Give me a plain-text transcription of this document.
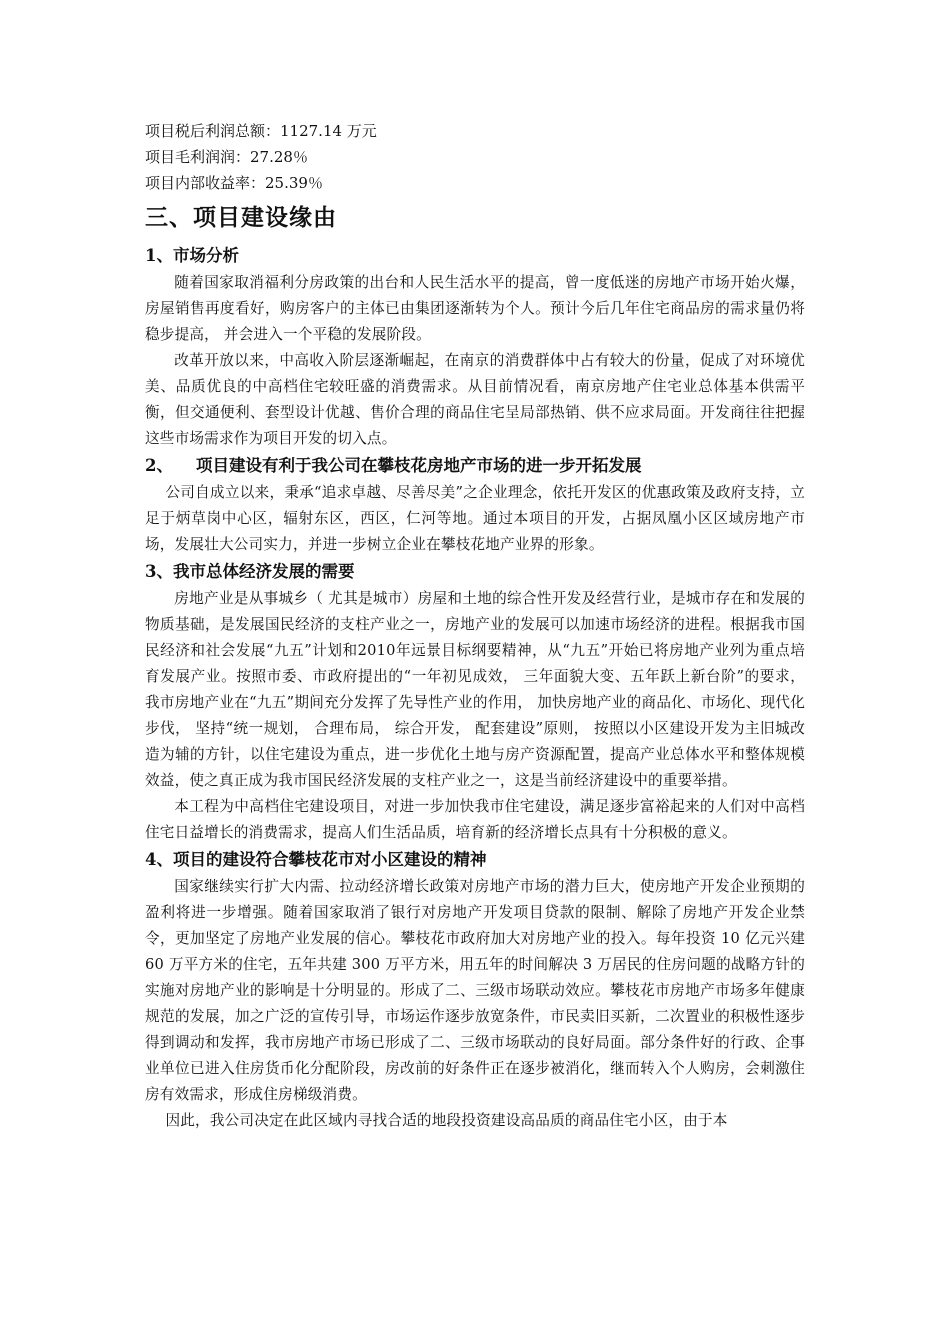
项目税后利润总额：1127.14 万元

项目毛利润润：27.28％

项目内部收益率：25.39％

三、项目建设缘由
1、市场分析

随着国家取消福利分房政策的出台和人民生活水平的提高，曾一度低迷的房地产市场开始火爆，房屋销售再度看好，购房客户的主体已由集团逐渐转为个人。预计今后几年住宅商品房的需求量仍将稳步提高， 并会进入一个平稳的发展阶段。

改革开放以来，中高收入阶层逐渐崛起，在南京的消费群体中占有较大的份量，促成了对环境优美、品质优良的中高档住宅较旺盛的消费需求。从目前情况看，南京房地产住宅业总体基本供需平衡，但交通便利、套型设计优越、售价合理的商品住宅呈局部热销、供不应求局面。开发商往往把握这些市场需求作为项目开发的切入点。

2、    项目建设有利于我公司在攀枝花房地产市场的进一步开拓发展

公司自成立以来，秉承“追求卓越、尽善尽美”之企业理念，依托开发区的优惠政策及政府支持，立足于炳草岗中心区，辐射东区，西区，仁河等地。通过本项目的开发，占据凤凰小区区域房地产市场，发展壮大公司实力，并进一步树立企业在攀枝花地产业界的形象。

3、我市总体经济发展的需要

房地产业是从事城乡（ 尤其是城市）房屋和土地的综合性开发及经营行业，是城市存在和发展的物质基础，是发展国民经济的支柱产业之一，房地产业的发展可以加速市场经济的进程。根据我市国民经济和社会发展“九五”计划和2010年远景目标纲要精神，从“九五”开始已将房地产业列为重点培育发展产业。按照市委、市政府提出的“一年初见成效， 三年面貌大变、五年跃上新台阶”的要求， 我市房地产业在“九五”期间充分发挥了先导性产业的作用， 加快房地产业的商品化、市场化、现代化步伐， 坚持“统一规划， 合理布局， 综合开发， 配套建设”原则， 按照以小区建设开发为主旧城改造为辅的方针，以住宅建设为重点，进一步优化土地与房产资源配置，提高产业总体水平和整体规模效益，使之真正成为我市国民经济发展的支柱产业之一，这是当前经济建设中的重要举措。

本工程为中高档住宅建设项目，对进一步加快我市住宅建设，满足逐步富裕起来的人们对中高档住宅日益增长的消费需求，提高人们生活品质，培育新的经济增长点具有十分积极的意义。

4、项目的建设符合攀枝花市对小区建设的精神

国家继续实行扩大内需、拉动经济增长政策对房地产市场的潜力巨大，使房地产开发企业预期的盈利将进一步增强。随着国家取消了银行对房地产开发项目贷款的限制、解除了房地产开发企业禁令，更加坚定了房地产业发展的信心。攀枝花市政府加大对房地产业的投入。每年投资 10 亿元兴建 60 万平方米的住宅，五年共建 300 万平方米，用五年的时间解决 3 万居民的住房问题的战略方针的实施对房地产业的影响是十分明显的。形成了二、三级市场联动效应。攀枝花市房地产市场多年健康规范的发展，加之广泛的宣传引导，市场运作逐步放宽条件，市民卖旧买新，二次置业的积极性逐步得到调动和发挥，我市房地产市场已形成了二、三级市场联动的良好局面。部分条件好的行政、企事业单位已进入住房货币化分配阶段，房改前的好条件正在逐步被消化，继而转入个人购房，会刺激住房有效需求，形成住房梯级消费。

因此，我公司决定在此区域内寻找合适的地段投资建设高品质的商品住宅小区，由于本
